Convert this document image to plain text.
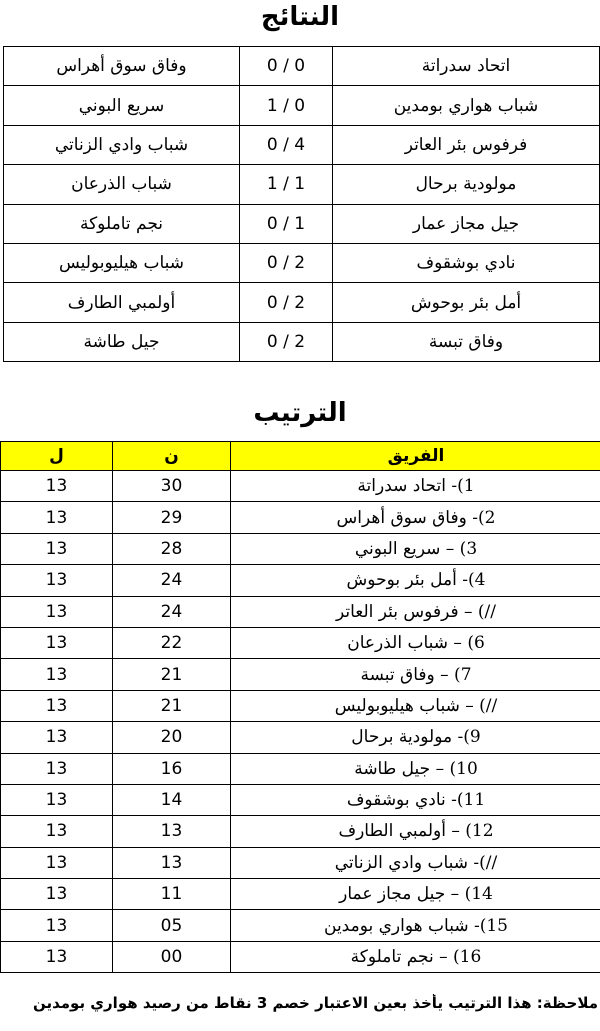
النتائج
وفاق سوق أهراس	0 / 0	اتحاد سدراتة
سريع البوني	1 / 0	شباب هواري بومدين
شباب وادي الزناتي	0 / 4	فرفوس بئر العاتر
شباب الذرعان	1 / 1	مولودية برحال
نجم تاملوكة	0 / 1	جيل مجاز عمار
شباب هيليوبوليس	0 / 2	نادي بوشقوف
أولمبي الطارف	0 / 2	أمل بئر بوحوش
جيل طاشة	0 / 2	وفاق تبسة
الترتيب
ل	ن	الفريق
13	30	1)- اتحاد سدراتة
13	29	2)- وفاق سوق أهراس
13	28	3) – سريع البوني
13	24	4)- أمل بئر بوحوش
13	24	//) – فرفوس بئر العاتر
13	22	6) – شباب الذرعان
13	21	7) – وفاق تبسة
13	21	//) – شباب هيليوبوليس
13	20	9)- مولودية برحال
13	16	10) – جيل طاشة
13	14	11)- نادي بوشقوف
13	13	12) – أولمبي الطارف
13	13	//)- شباب وادي الزناتي
13	11	14) – جيل مجاز عمار
13	05	15)- شباب هواري بومدين
13	00	16) – نجم تاملوكة
ملاحظة: هذا الترتيب يأخذ بعين الاعتبار خصم 3 نقاط من رصيد هواري بومدين
